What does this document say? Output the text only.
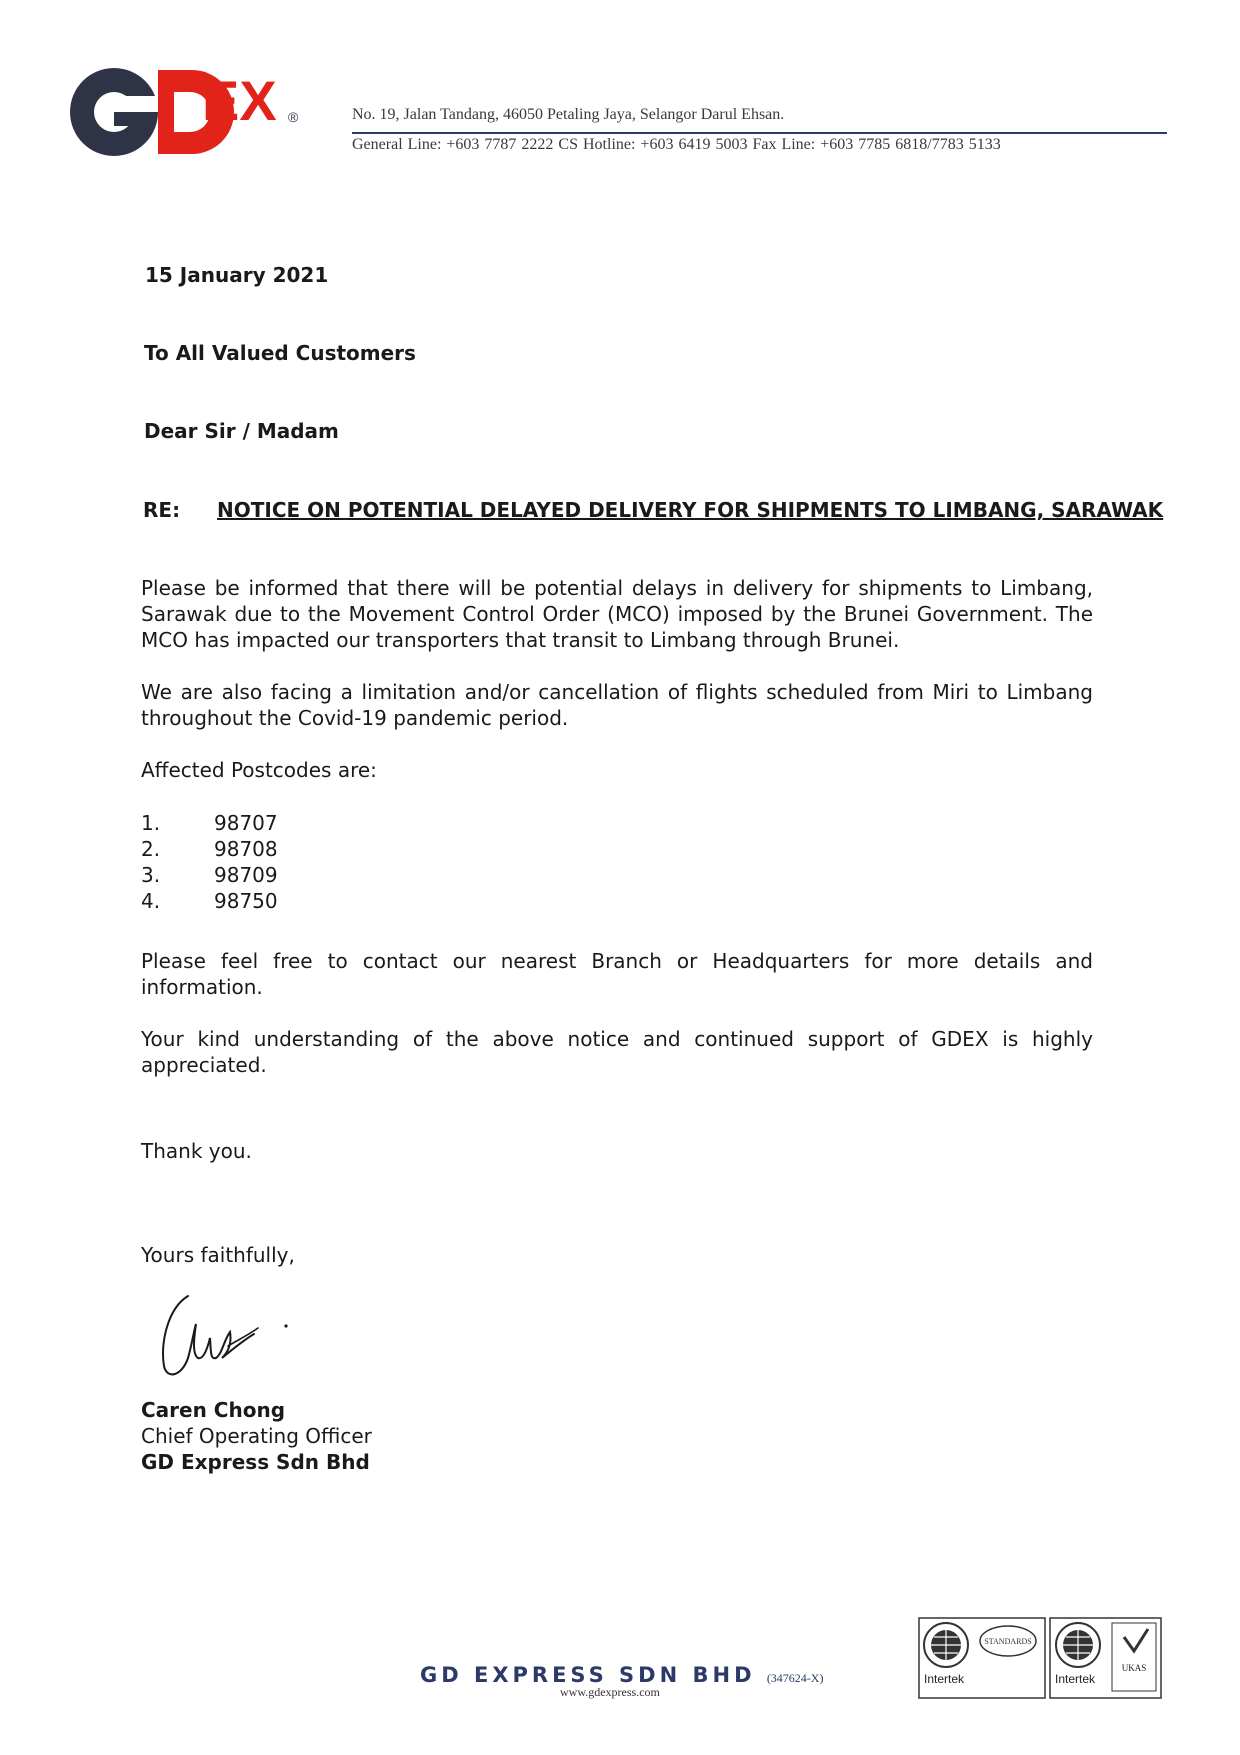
EX ®	No. 19, Jalan Tandang, 46050 Petaling Jaya, Selangor Darul Ehsan.
General Line: +603 7787 2222 CS Hotline: +603 6419 5003 Fax Line: +603 7785 6818/7783 5133
15 January 2021
To All Valued Customers
Dear Sir / Madam
RE: NOTICE ON POTENTIAL DELAYED DELIVERY FOR SHIPMENTS TO LIMBANG, SARAWAK
Please be informed that there will be potential delays in delivery for shipments to Limbang, Sarawak due to the Movement Control Order (MCO) imposed by the Brunei Government. The MCO has impacted our transporters that transit to Limbang through Brunei.
We are also facing a limitation and/or cancellation of flights scheduled from Miri to Limbang throughout the Covid-19 pandemic period.
Affected Postcodes are:
1.	98707
2.	98708
3.	98709
4.	98750
Please feel free to contact our nearest Branch or Headquarters for more details and information.
Your kind understanding of the above notice and continued support of GDEX is highly appreciated.
Thank you.
Yours faithfully,
Caren Chong
Chief Operating Officer
GD Express Sdn Bhd
GD EXPRESS SDN BHD (347624-X)
www.gdexpress.com
STANDARDS
Intertek	Intertek
UKAS
